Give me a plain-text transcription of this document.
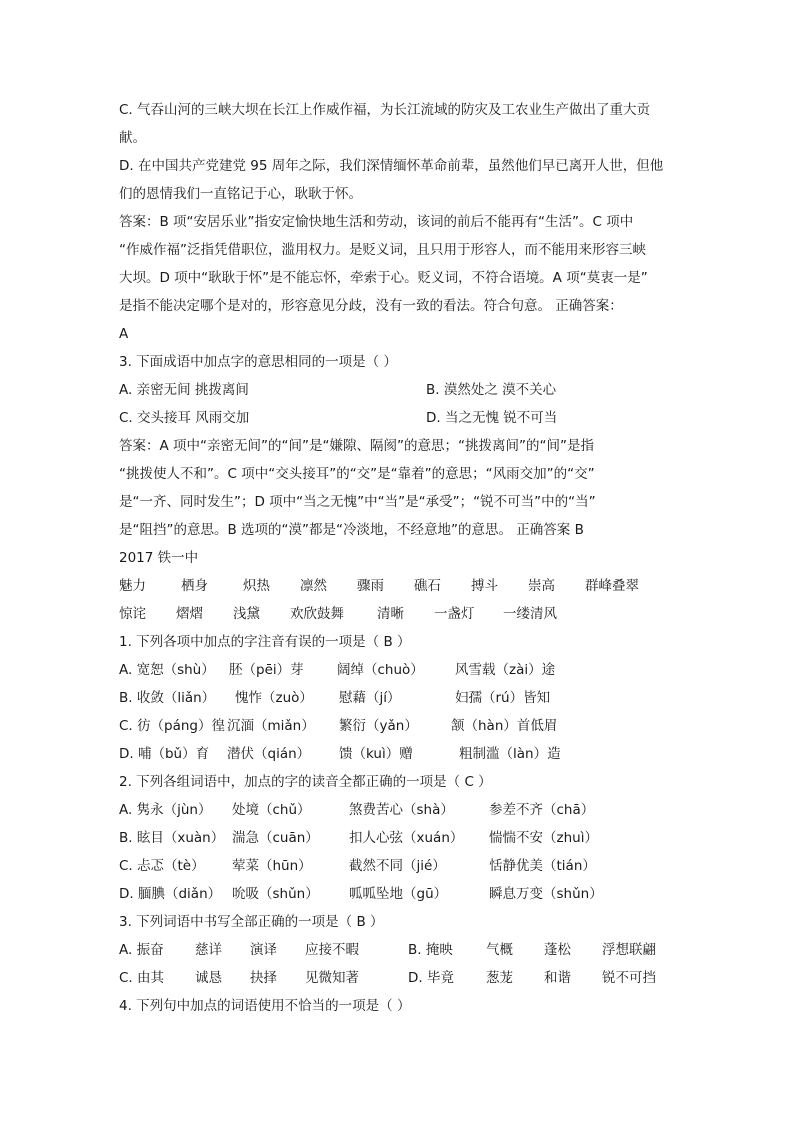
C. 气吞山河的三峡大坝在长江上作威作福，为长江流域的防灾及工农业生产做出了重大贡
献。
D. 在中国共产党建党 95 周年之际，我们深情缅怀革命前辈，虽然他们早已离开人世，但他
们的恩情我们一直铭记于心，耿耿于怀。
答案：B 项“安居乐业”指安定愉快地生活和劳动，该词的前后不能再有“生活”。C 项中
“作威作福”泛指凭借职位，滥用权力。是贬义词，且只用于形容人，而不能用来形容三峡
大坝。D 项中“耿耿于怀”是不能忘怀，牵索于心。贬义词，不符合语境。A 项“莫衷一是”
是指不能决定哪个是对的，形容意见分歧，没有一致的看法。符合句意。 正确答案：
A
3. 下面成语中加点字的意思相同的一项是（ ）
A. 亲密无间 挑拨离间	B. 漠然处之 漠不关心
C. 交头接耳 风雨交加	D. 当之无愧 锐不可当
答案：A 项中“亲密无间”的“间”是“嫌隙、隔阂”的意思；“挑拨离间”的“间”是指
“挑拨使人不和”。C 项中“交头接耳”的“交”是“靠着”的意思；“风雨交加”的“交”
是“一齐、同时发生”；D 项中“当之无愧”中“当”是“承受”；“锐不可当”中的“当”
是“阻挡”的意思。B 选项的“漠”都是“冷淡地，不经意地”的意思。 正确答案 B
2017 铁一中
魅力	栖身	炽热	凛然	骤雨	礁石	搏斗	崇高	群峰叠翠
惊诧	熠熠	浅黛	欢欣鼓舞	清晰	一盏灯	一缕清风
1. 下列各项中加点的字注音有误的一项是（ B ）
A. 宽恕（shù）	胚（pēi）芽	阔绰（chuò）	风雪载（zài）途
B. 收敛（liǎn）	愧怍（zuò）	慰藉（jí）	妇孺（rú）皆知
C. 彷（páng）徨 沉湎（miǎn）	繁衍（yǎn）	颔（hàn）首低眉
D. 哺（bǔ）育	潜伏（qián）	馈（kuì）赠	粗制滥（làn）造
2. 下列各组词语中，加点的字的读音全都正确的一项是（ C ）
A. 隽永（jùn）	处境（chǔ）	煞费苦心（shà）	参差不齐（chā）
B. 眩目（xuàn） 湍急（cuān）	扣人心弦（xuán）	惴惴不安（zhuì）
C. 忐忑（tè）	荤菜（hūn）	截然不同（jié）	恬静优美（tián）
D. 腼腆（diǎn） 吮吸（shǔn）	呱呱坠地（gū）	瞬息万变（shǔn）
3. 下列词语中书写全部正确的一项是（ B ）
A. 振奋	慈详	演译	应接不暇	B. 掩映	气概	蓬松	浮想联翩
C. 由其	诚恳	抉择	见微知著	D. 毕竟	葱茏	和谐	锐不可挡
4. 下列句中加点的词语使用不恰当的一项是（ ）
